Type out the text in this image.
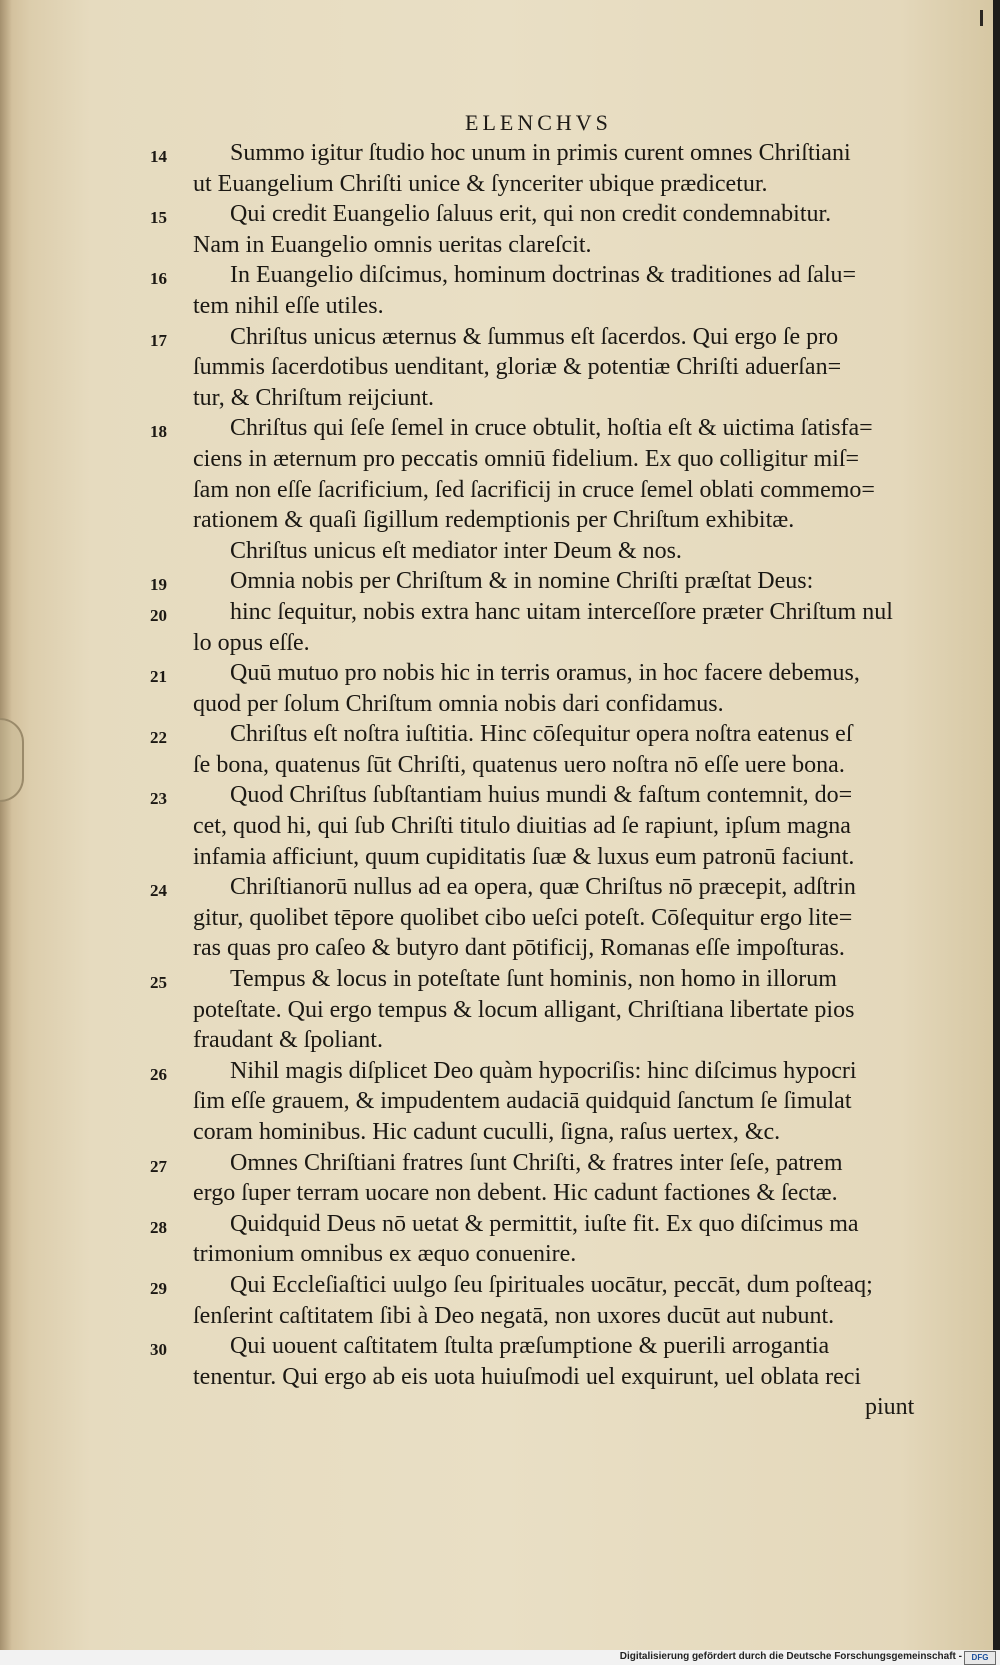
ELENCHVS
14	Summo igitur ſtudio hoc unum in primis curent omnes Chriſtiani
ut Euangelium Chriſti unice & ſynceriter ubique prædicetur.
15	Qui credit Euangelio ſaluus erit, qui non credit condemnabitur.
Nam in Euangelio omnis ueritas clareſcit.
16	In Euangelio diſcimus, hominum doctrinas & traditiones ad ſalu=
tem nihil eſſe utiles.
17	Chriſtus unicus æternus & ſummus eſt ſacerdos. Qui ergo ſe pro
ſummis ſacerdotibus uenditant, gloriæ & potentiæ Chriſti aduerſan=
tur, & Chriſtum reijciunt.
18	Chriſtus qui ſeſe ſemel in cruce obtulit, hoſtia eſt & uictima ſatisfa=
ciens in æternum pro peccatis omniū fidelium. Ex quo colligitur miſ=
ſam non eſſe ſacrificium, ſed ſacrificij in cruce ſemel oblati commemo=
rationem & quaſi ſigillum redemptionis per Chriſtum exhibitæ.
Chriſtus unicus eſt mediator inter Deum & nos.
19	Omnia nobis per Chriſtum & in nomine Chriſti præſtat Deus:
20	hinc ſequitur, nobis extra hanc uitam interceſſore præter Chriſtum nul
lo opus eſſe.
21	Quū mutuo pro nobis hic in terris oramus, in hoc facere debemus,
quod per ſolum Chriſtum omnia nobis dari confidamus.
22	Chriſtus eſt noſtra iuſtitia. Hinc cōſequitur opera noſtra eatenus eſ
ſe bona, quatenus ſūt Chriſti, quatenus uero noſtra nō eſſe uere bona.
23	Quod Chriſtus ſubſtantiam huius mundi & faſtum contemnit, do=
cet, quod hi, qui ſub Chriſti titulo diuitias ad ſe rapiunt, ipſum magna
infamia afficiunt, quum cupiditatis ſuæ & luxus eum patronū faciunt.
24	Chriſtianorū nullus ad ea opera, quæ Chriſtus nō præcepit, adſtrin
gitur, quolibet tēpore quolibet cibo ueſci poteſt. Cōſequitur ergo lite=
ras quas pro caſeo & butyro dant pōtificij, Romanas eſſe impoſturas.
25	Tempus & locus in poteſtate ſunt hominis, non homo in illorum
poteſtate. Qui ergo tempus & locum alligant, Chriſtiana libertate pios
fraudant & ſpoliant.
26	Nihil magis diſplicet Deo quàm hypocriſis: hinc diſcimus hypocri
ſim eſſe grauem, & impudentem audaciā quidquid ſanctum ſe ſimulat
coram hominibus. Hic cadunt cuculli, ſigna, raſus uertex, &c.
27	Omnes Chriſtiani fratres ſunt Chriſti, & fratres inter ſeſe, patrem
ergo ſuper terram uocare non debent. Hic cadunt factiones & ſectæ.
28	Quidquid Deus nō uetat & permittit, iuſte fit. Ex quo diſcimus ma
trimonium omnibus ex æquo conuenire.
29	Qui Eccleſiaſtici uulgo ſeu ſpirituales uocātur, peccāt, dum poſteaq;
ſenſerint caſtitatem ſibi à Deo negatā, non uxores ducūt aut nubunt.
30	Qui uouent caſtitatem ſtulta præſumptione & puerili arrogantia
tenentur. Qui ergo ab eis uota huiuſmodi uel exquirunt, uel oblata reci
piunt
Digitalisierung gefördert durch die Deutsche Forschungsgemeinschaft -	DFG
